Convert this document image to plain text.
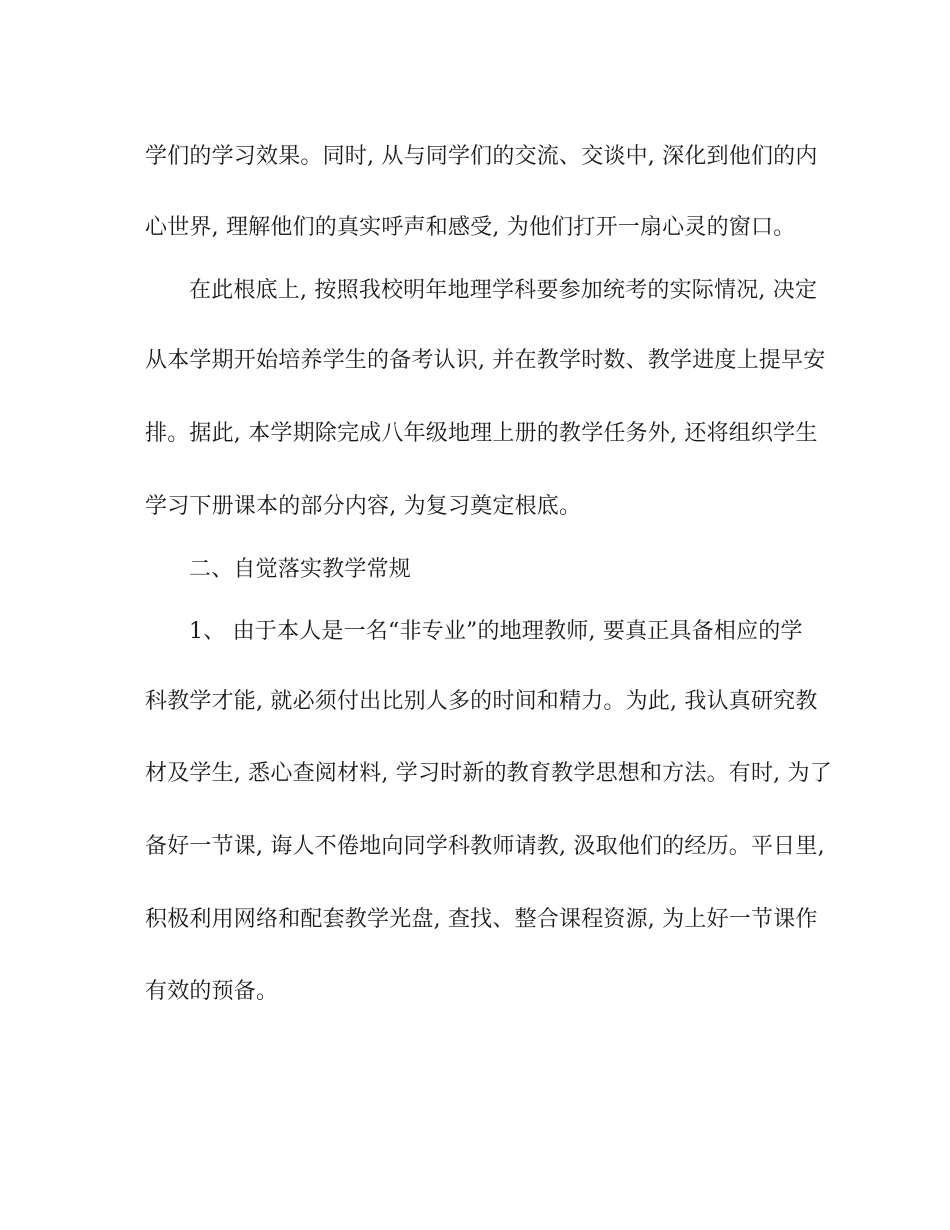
学们的学习效果。同时, 从与同学们的交流、交谈中, 深化到他们的内
心世界, 理解他们的真实呼声和感受, 为他们打开一扇心灵的窗口。
在此根底上, 按照我校明年地理学科要参加统考的实际情况, 决定
从本学期开始培养学生的备考认识, 并在教学时数、教学进度上提早安
排。据此, 本学期除完成八年级地理上册的教学任务外, 还将组织学生
学习下册课本的部分内容, 为复习奠定根底。
二、自觉落实教学常规
1、 由于本人是一名“非专业”的地理教师, 要真正具备相应的学
科教学才能, 就必须付出比别人多的时间和精力。为此, 我认真研究教
材及学生, 悉心查阅材料, 学习时新的教育教学思想和方法。有时, 为了
备好一节课, 诲人不倦地向同学科教师请教, 汲取他们的经历。平日里,
积极利用网络和配套教学光盘, 查找、整合课程资源, 为上好一节课作
有效的预备。
